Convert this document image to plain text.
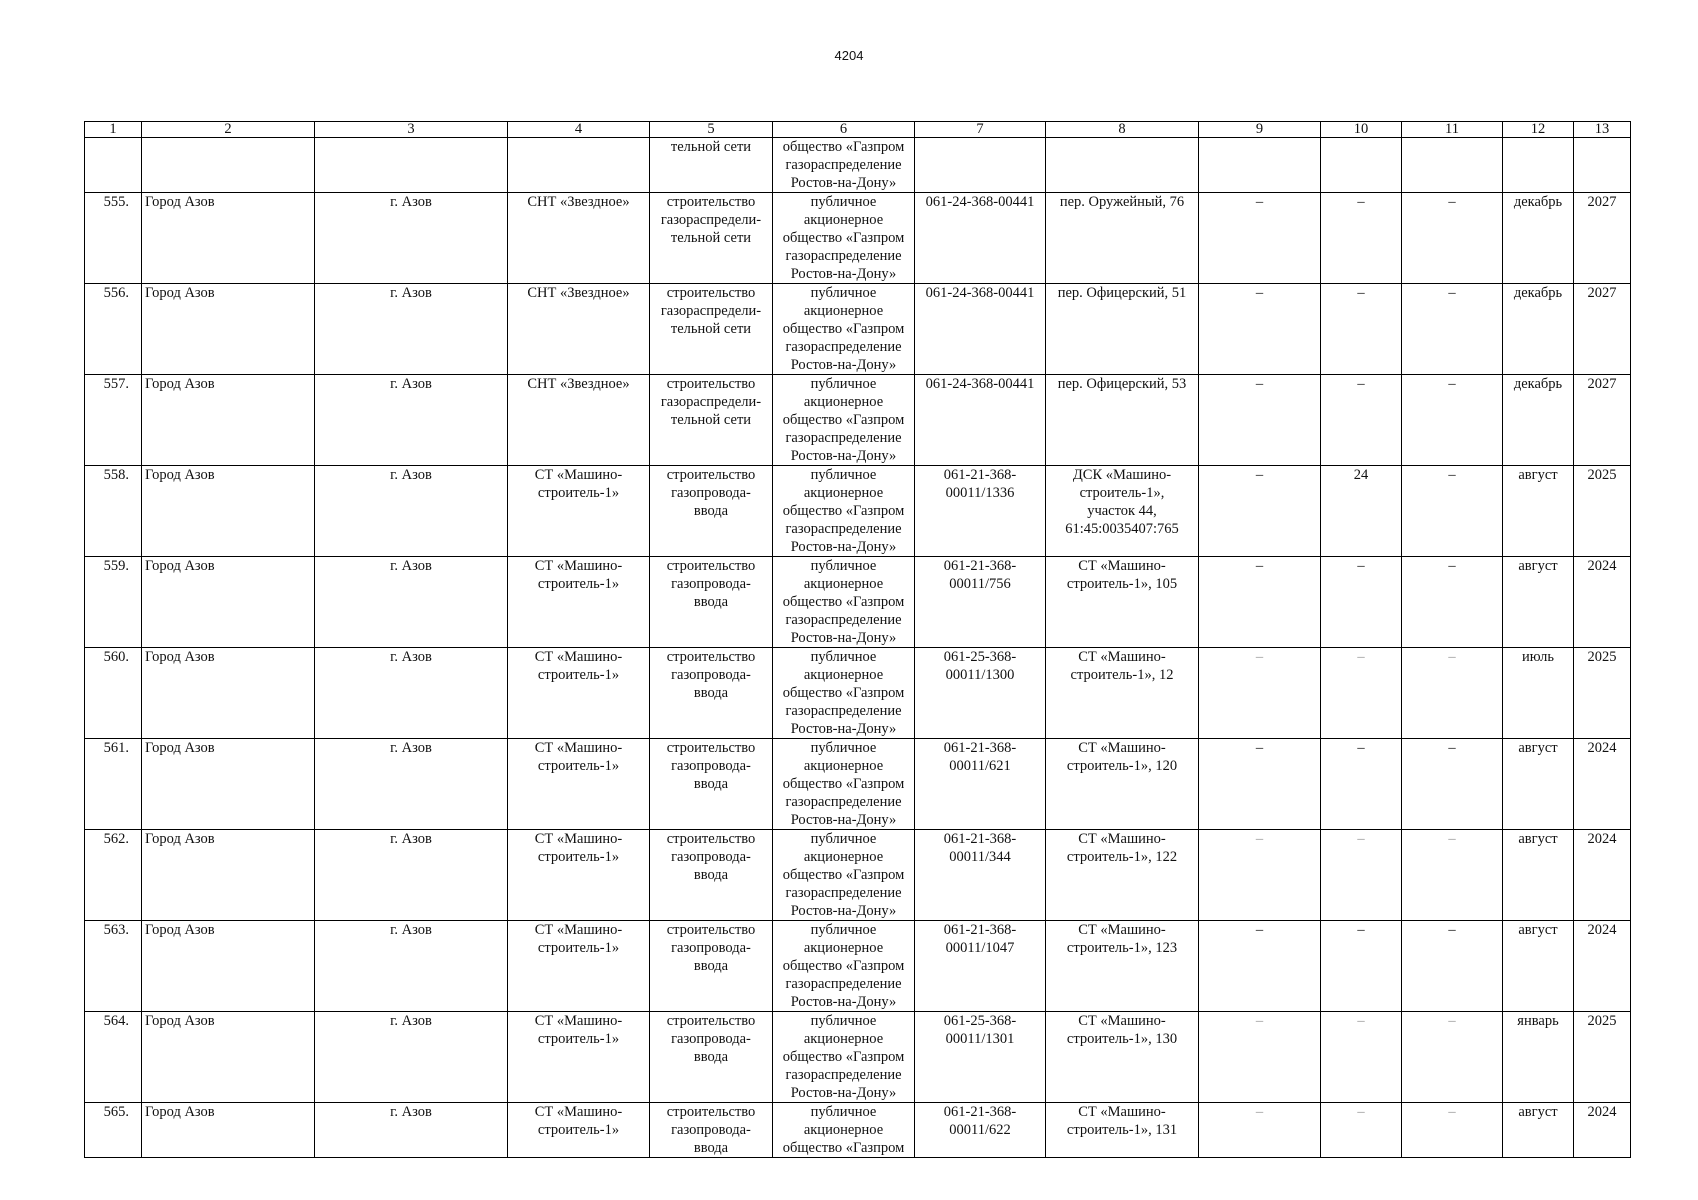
4204
1	2	3	4	5	6	7	8	9	10	11	12	13
				тельной сети	общество «Газпром
газораспределение
Ростов-на-Дону»							
555.	Город Азов	г. Азов	СНТ «Звездное»	строительство
газораспредели-
тельной сети	публичное
акционерное
общество «Газпром
газораспределение
Ростов-на-Дону»	061-24-368-00441	пер. Оружейный, 76	–	–	–	декабрь	2027
556.	Город Азов	г. Азов	СНТ «Звездное»	строительство
газораспредели-
тельной сети	публичное
акционерное
общество «Газпром
газораспределение
Ростов-на-Дону»	061-24-368-00441	пер. Офицерский, 51	–	–	–	декабрь	2027
557.	Город Азов	г. Азов	СНТ «Звездное»	строительство
газораспредели-
тельной сети	публичное
акционерное
общество «Газпром
газораспределение
Ростов-на-Дону»	061-24-368-00441	пер. Офицерский, 53	–	–	–	декабрь	2027
558.	Город Азов	г. Азов	СТ «Машино-
строитель-1»	строительство
газопровода-
ввода	публичное
акционерное
общество «Газпром
газораспределение
Ростов-на-Дону»	061-21-368-
00011/1336	ДСК «Машино-
строитель-1»,
участок 44,
61:45:0035407:765	–	24	–	август	2025
559.	Город Азов	г. Азов	СТ «Машино-
строитель-1»	строительство
газопровода-
ввода	публичное
акционерное
общество «Газпром
газораспределение
Ростов-на-Дону»	061-21-368-
00011/756	СТ «Машино-
строитель-1», 105	–	–	–	август	2024
560.	Город Азов	г. Азов	СТ «Машино-
строитель-1»	строительство
газопровода-
ввода	публичное
акционерное
общество «Газпром
газораспределение
Ростов-на-Дону»	061-25-368-
00011/1300	СТ «Машино-
строитель-1», 12	–	–	–	июль	2025
561.	Город Азов	г. Азов	СТ «Машино-
строитель-1»	строительство
газопровода-
ввода	публичное
акционерное
общество «Газпром
газораспределение
Ростов-на-Дону»	061-21-368-
00011/621	СТ «Машино-
строитель-1», 120	–	–	–	август	2024
562.	Город Азов	г. Азов	СТ «Машино-
строитель-1»	строительство
газопровода-
ввода	публичное
акционерное
общество «Газпром
газораспределение
Ростов-на-Дону»	061-21-368-
00011/344	СТ «Машино-
строитель-1», 122	–	–	–	август	2024
563.	Город Азов	г. Азов	СТ «Машино-
строитель-1»	строительство
газопровода-
ввода	публичное
акционерное
общество «Газпром
газораспределение
Ростов-на-Дону»	061-21-368-
00011/1047	СТ «Машино-
строитель-1», 123	–	–	–	август	2024
564.	Город Азов	г. Азов	СТ «Машино-
строитель-1»	строительство
газопровода-
ввода	публичное
акционерное
общество «Газпром
газораспределение
Ростов-на-Дону»	061-25-368-
00011/1301	СТ «Машино-
строитель-1», 130	–	–	–	январь	2025
565.	Город Азов	г. Азов	СТ «Машино-
строитель-1»	строительство
газопровода-
ввода	публичное
акционерное
общество «Газпром	061-21-368-
00011/622	СТ «Машино-
строитель-1», 131	–	–	–	август	2024
